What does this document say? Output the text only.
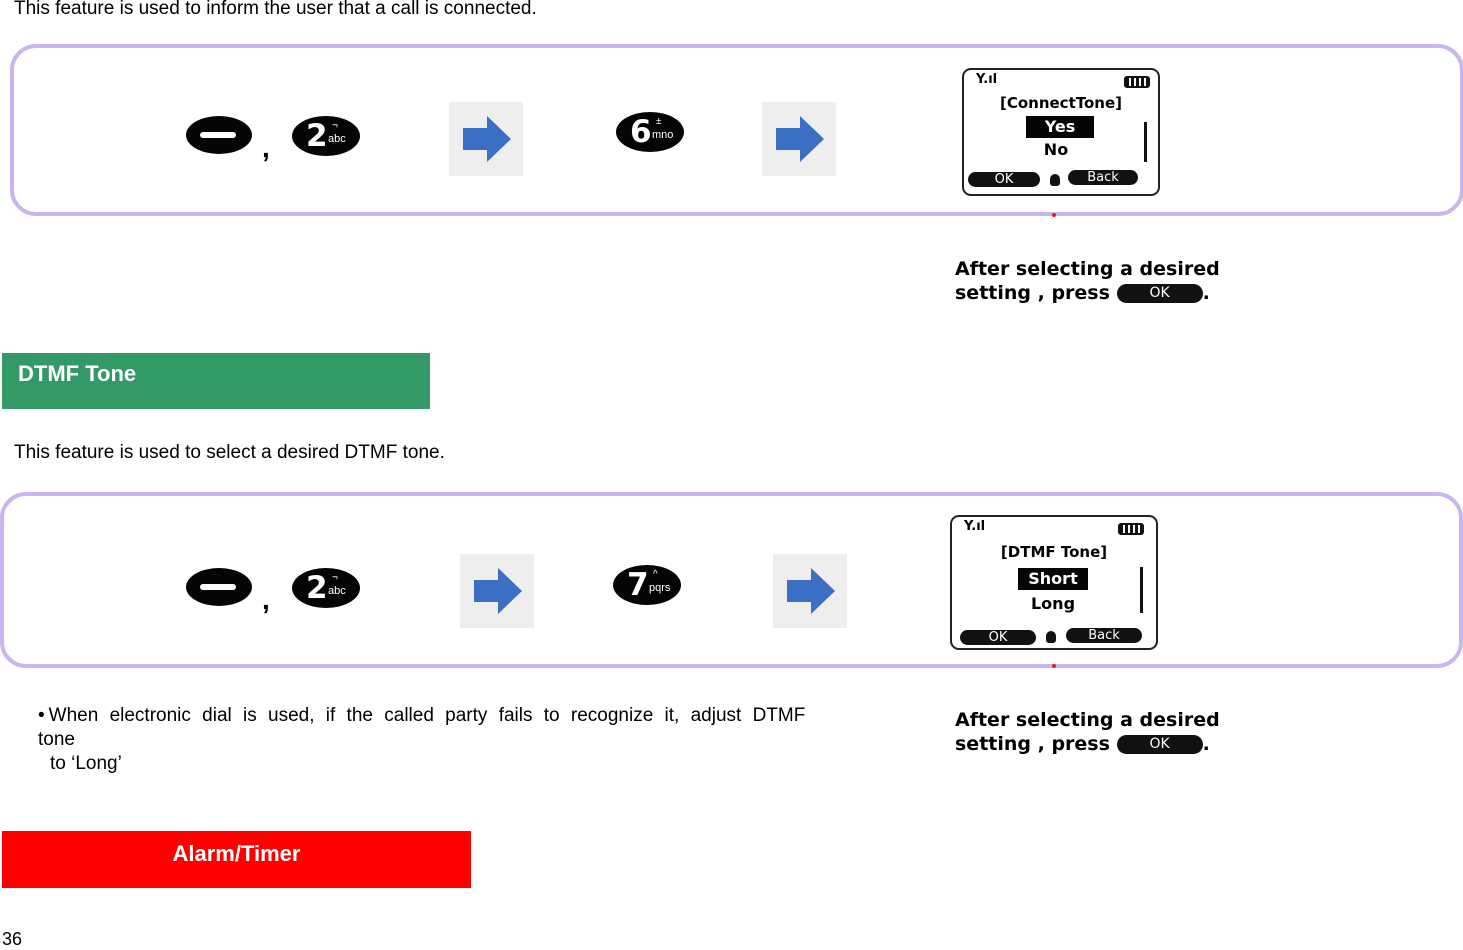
This feature is used to inform the user that a call is connected.
, 2 ¬
abc	6 ±
mno
Y.ıl
[ConnectTone]
Yes
No
OK	Back
After selecting a desired
setting , press	OK .
DTMF Tone
This feature is used to select a desired DTMF tone.
, 2 ¬
abc	7 ^
pqrs
Y.ıl
[DTMF Tone]
Short
Long
OK	Back
After selecting a desired
setting , press	OK .
• When electronic dial is used, if the called party fails to recognize it, adjust DTMF
tone
to ‘Long’
Alarm/Timer
36
